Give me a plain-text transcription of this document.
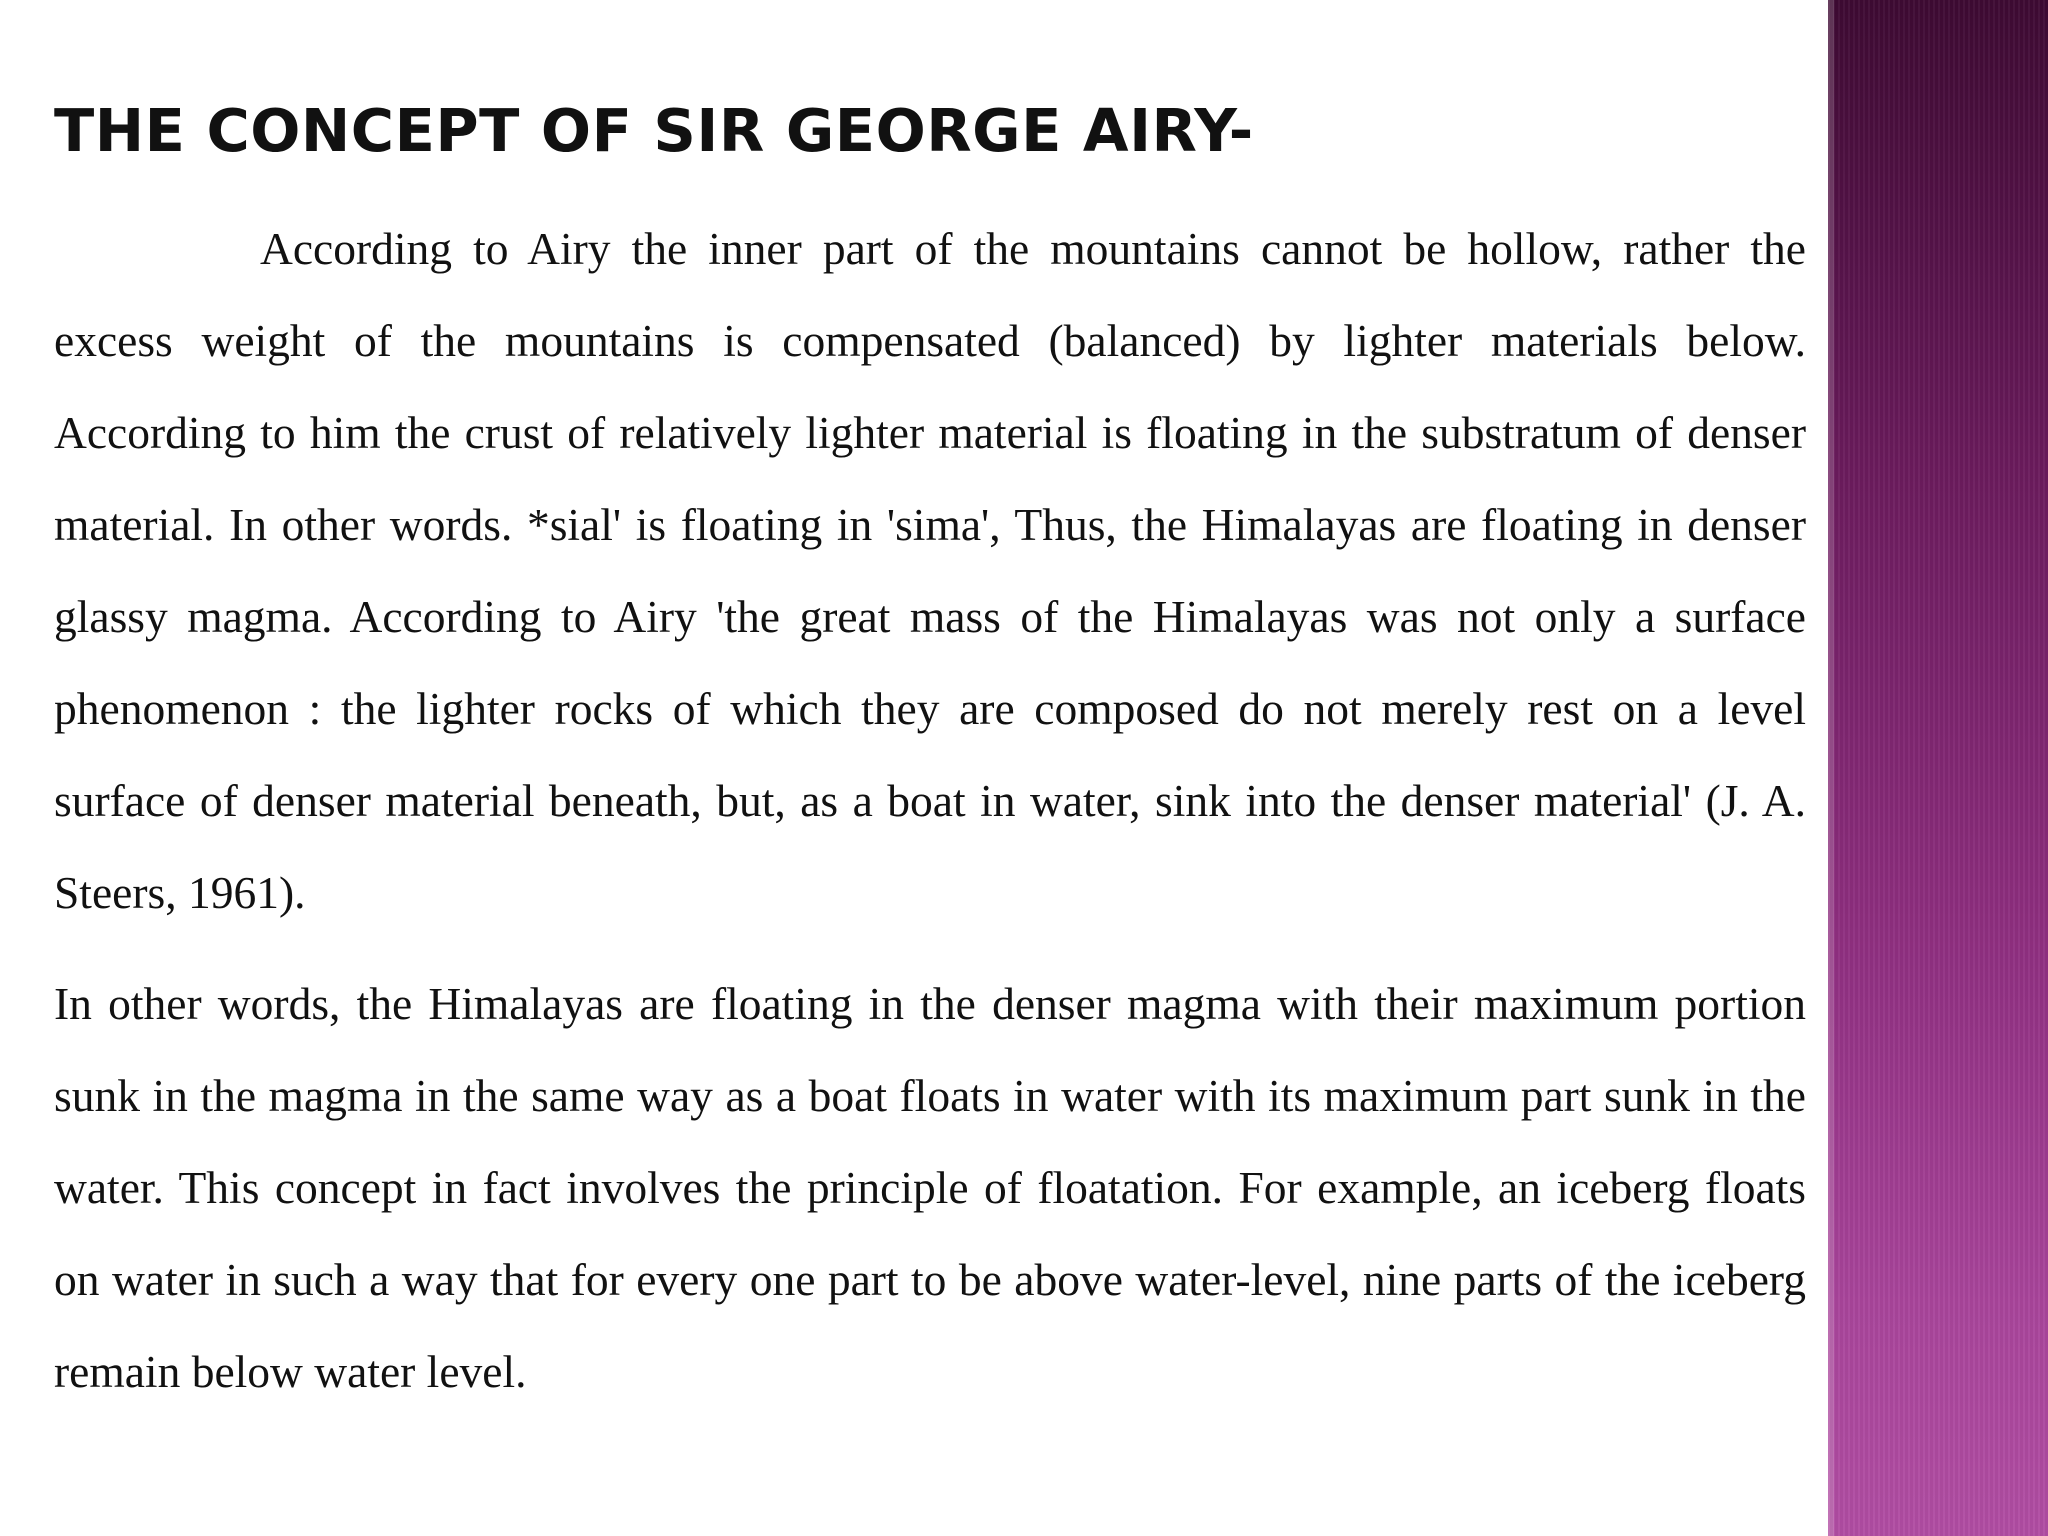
THE CONCEPT OF SIR GEORGE AIRY-

According to Airy the inner part of the mountains cannot be hollow, rather the excess weight of the mountains is compensated (balanced) by lighter materials below. According to him the crust of relatively lighter material is floating in the substratum of denser material. In other words. *sial' is floating in 'sima', Thus, the Himalayas are floating in denser glassy magma. According to Airy 'the great mass of the Himalayas was not only a surface phenomenon : the lighter rocks of which they are composed do not merely rest on a level surface of denser material beneath, but, as a boat in water, sink into the denser material' (J. A. Steers, 1961).

In other words, the Himalayas are floating in the denser magma with their maximum portion sunk in the magma in the same way as a boat floats in water with its maximum part sunk in the water. This concept in fact involves the principle of floatation. For example, an iceberg floats on water in such a way that for every one part to be above water-level, nine parts of the iceberg remain below water level.
